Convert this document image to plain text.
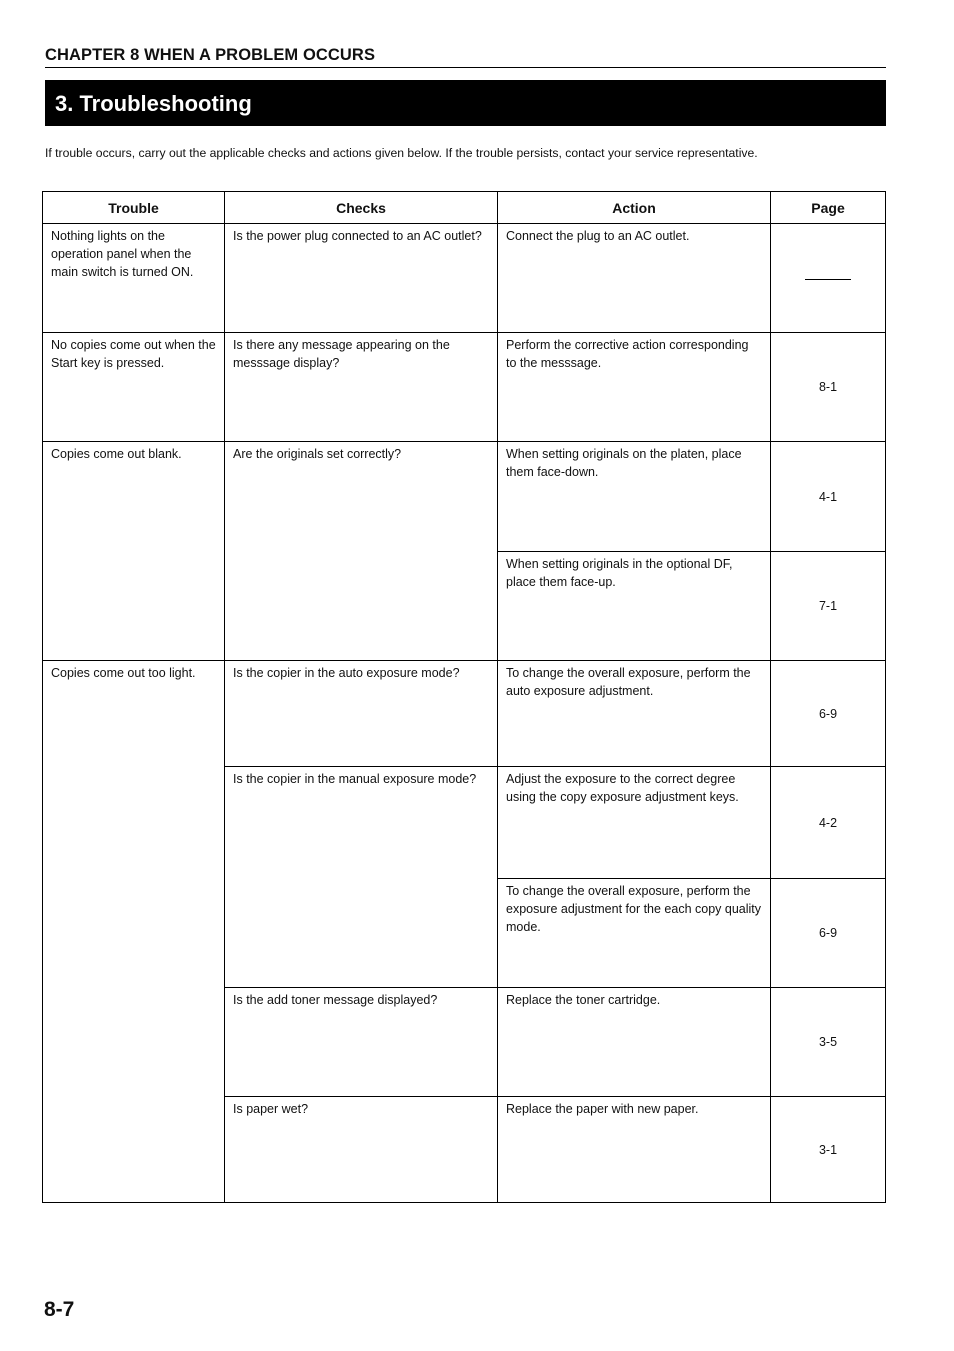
CHAPTER 8 WHEN A PROBLEM OCCURS
3. Troubleshooting
If trouble occurs, carry out the applicable checks and actions given below. If the trouble persists, contact your service representative.
Trouble	Checks	Action	Page
Nothing lights on the operation panel when the main switch is turned ON.	Is the power plug connected to an AC outlet?	Connect the plug to an AC outlet.	
No copies come out when the Start key is pressed.	Is there any message appearing on the messsage display?	Perform the corrective action corresponding to the messsage.	8-1
Copies come out blank.	Are the originals set correctly?	When setting originals on the platen, place them face-down.	4-1
		When setting originals in the optional DF, place them face-up.	7-1
Copies come out too light.	Is the copier in the auto exposure mode?	To change the overall exposure, perform the auto exposure adjustment.	6-9
	Is the copier in the manual exposure mode?	Adjust the exposure to the correct degree using the copy exposure adjustment keys.	4-2
		To change the overall exposure, perform the exposure adjustment for the each copy quality mode.	6-9
	Is the add toner message displayed?	Replace the toner cartridge.	3-5
	Is paper wet?	Replace the paper with new paper.	3-1
8-7
